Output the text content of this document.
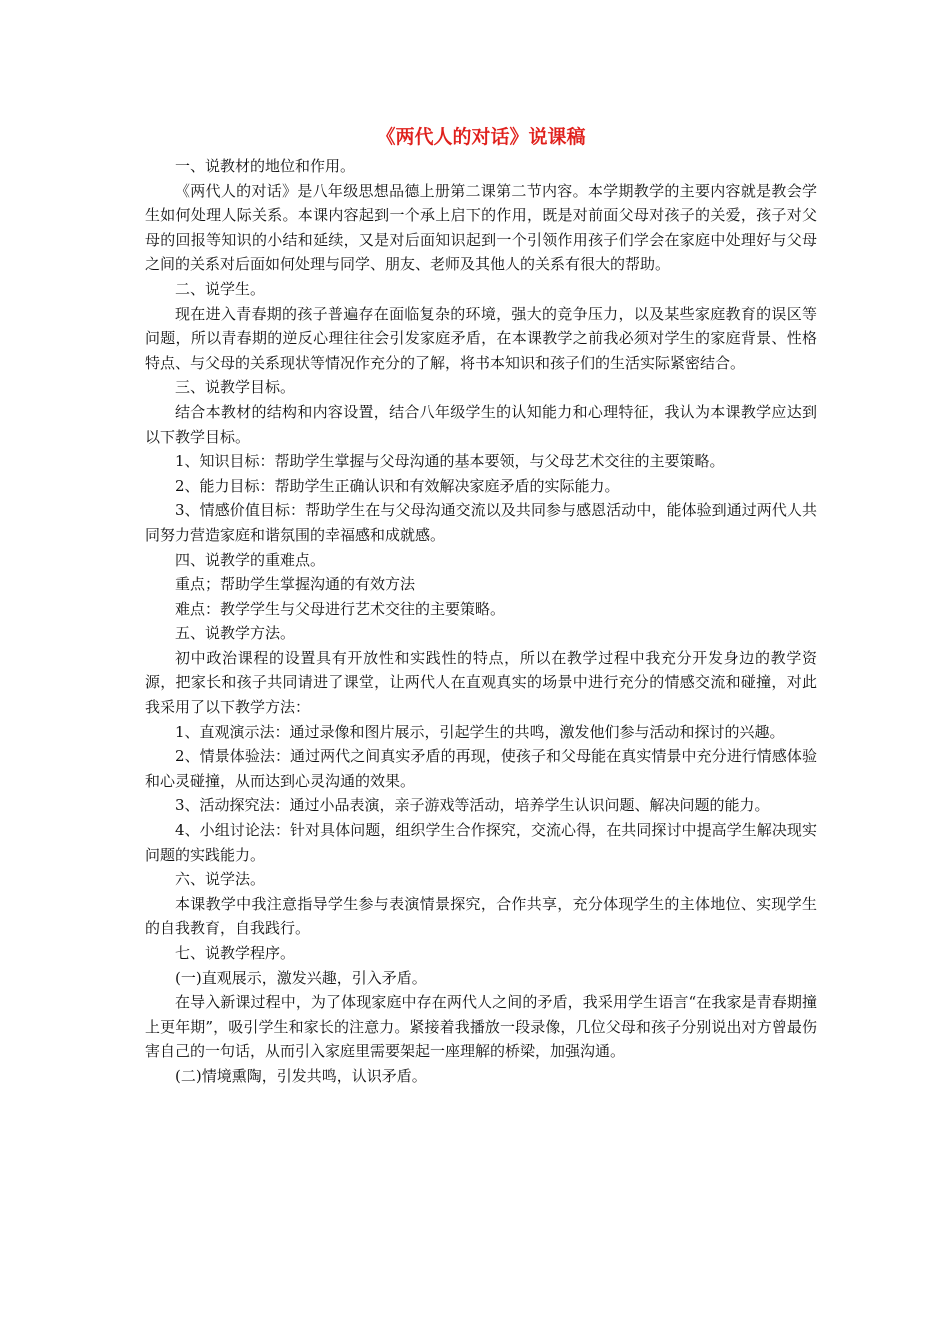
《两代人的对话》说课稿

一、说教材的地位和作用。

《两代人的对话》是八年级思想品德上册第二课第二节内容。本学期教学的主要内容就是教会学生如何处理人际关系。本课内容起到一个承上启下的作用，既是对前面父母对孩子的关爱，孩子对父母的回报等知识的小结和延续，又是对后面知识起到一个引领作用孩子们学会在家庭中处理好与父母之间的关系对后面如何处理与同学、朋友、老师及其他人的关系有很大的帮助。

二、说学生。

现在进入青春期的孩子普遍存在面临复杂的环境，强大的竞争压力，以及某些家庭教育的误区等问题，所以青春期的逆反心理往往会引发家庭矛盾，在本课教学之前我必须对学生的家庭背景、性格特点、与父母的关系现状等情况作充分的了解，将书本知识和孩子们的生活实际紧密结合。

三、说教学目标。

结合本教材的结构和内容设置，结合八年级学生的认知能力和心理特征，我认为本课教学应达到以下教学目标。

1、知识目标：帮助学生掌握与父母沟通的基本要领，与父母艺术交往的主要策略。

2、能力目标：帮助学生正确认识和有效解决家庭矛盾的实际能力。

3、情感价值目标：帮助学生在与父母沟通交流以及共同参与感恩活动中，能体验到通过两代人共同努力营造家庭和谐氛围的幸福感和成就感。

四、说教学的重难点。

重点；帮助学生掌握沟通的有效方法

难点：教学学生与父母进行艺术交往的主要策略。

五、说教学方法。

初中政治课程的设置具有开放性和实践性的特点，所以在教学过程中我充分开发身边的教学资源，把家长和孩子共同请进了课堂，让两代人在直观真实的场景中进行充分的情感交流和碰撞，对此我采用了以下教学方法：

1、直观演示法：通过录像和图片展示，引起学生的共鸣，激发他们参与活动和探讨的兴趣。

2、情景体验法：通过两代之间真实矛盾的再现，使孩子和父母能在真实情景中充分进行情感体验和心灵碰撞，从而达到心灵沟通的效果。

3、活动探究法：通过小品表演，亲子游戏等活动，培养学生认识问题、解决问题的能力。

4、小组讨论法：针对具体问题，组织学生合作探究，交流心得，在共同探讨中提高学生解决现实问题的实践能力。

六、说学法。

本课教学中我注意指导学生参与表演情景探究，合作共享，充分体现学生的主体地位、实现学生的自我教育，自我践行。

七、说教学程序。

(一)直观展示，激发兴趣，引入矛盾。

在导入新课过程中，为了体现家庭中存在两代人之间的矛盾，我采用学生语言“在我家是青春期撞上更年期”，吸引学生和家长的注意力。紧接着我播放一段录像，几位父母和孩子分别说出对方曾最伤害自己的一句话，从而引入家庭里需要架起一座理解的桥梁，加强沟通。

(二)情境熏陶，引发共鸣，认识矛盾。
